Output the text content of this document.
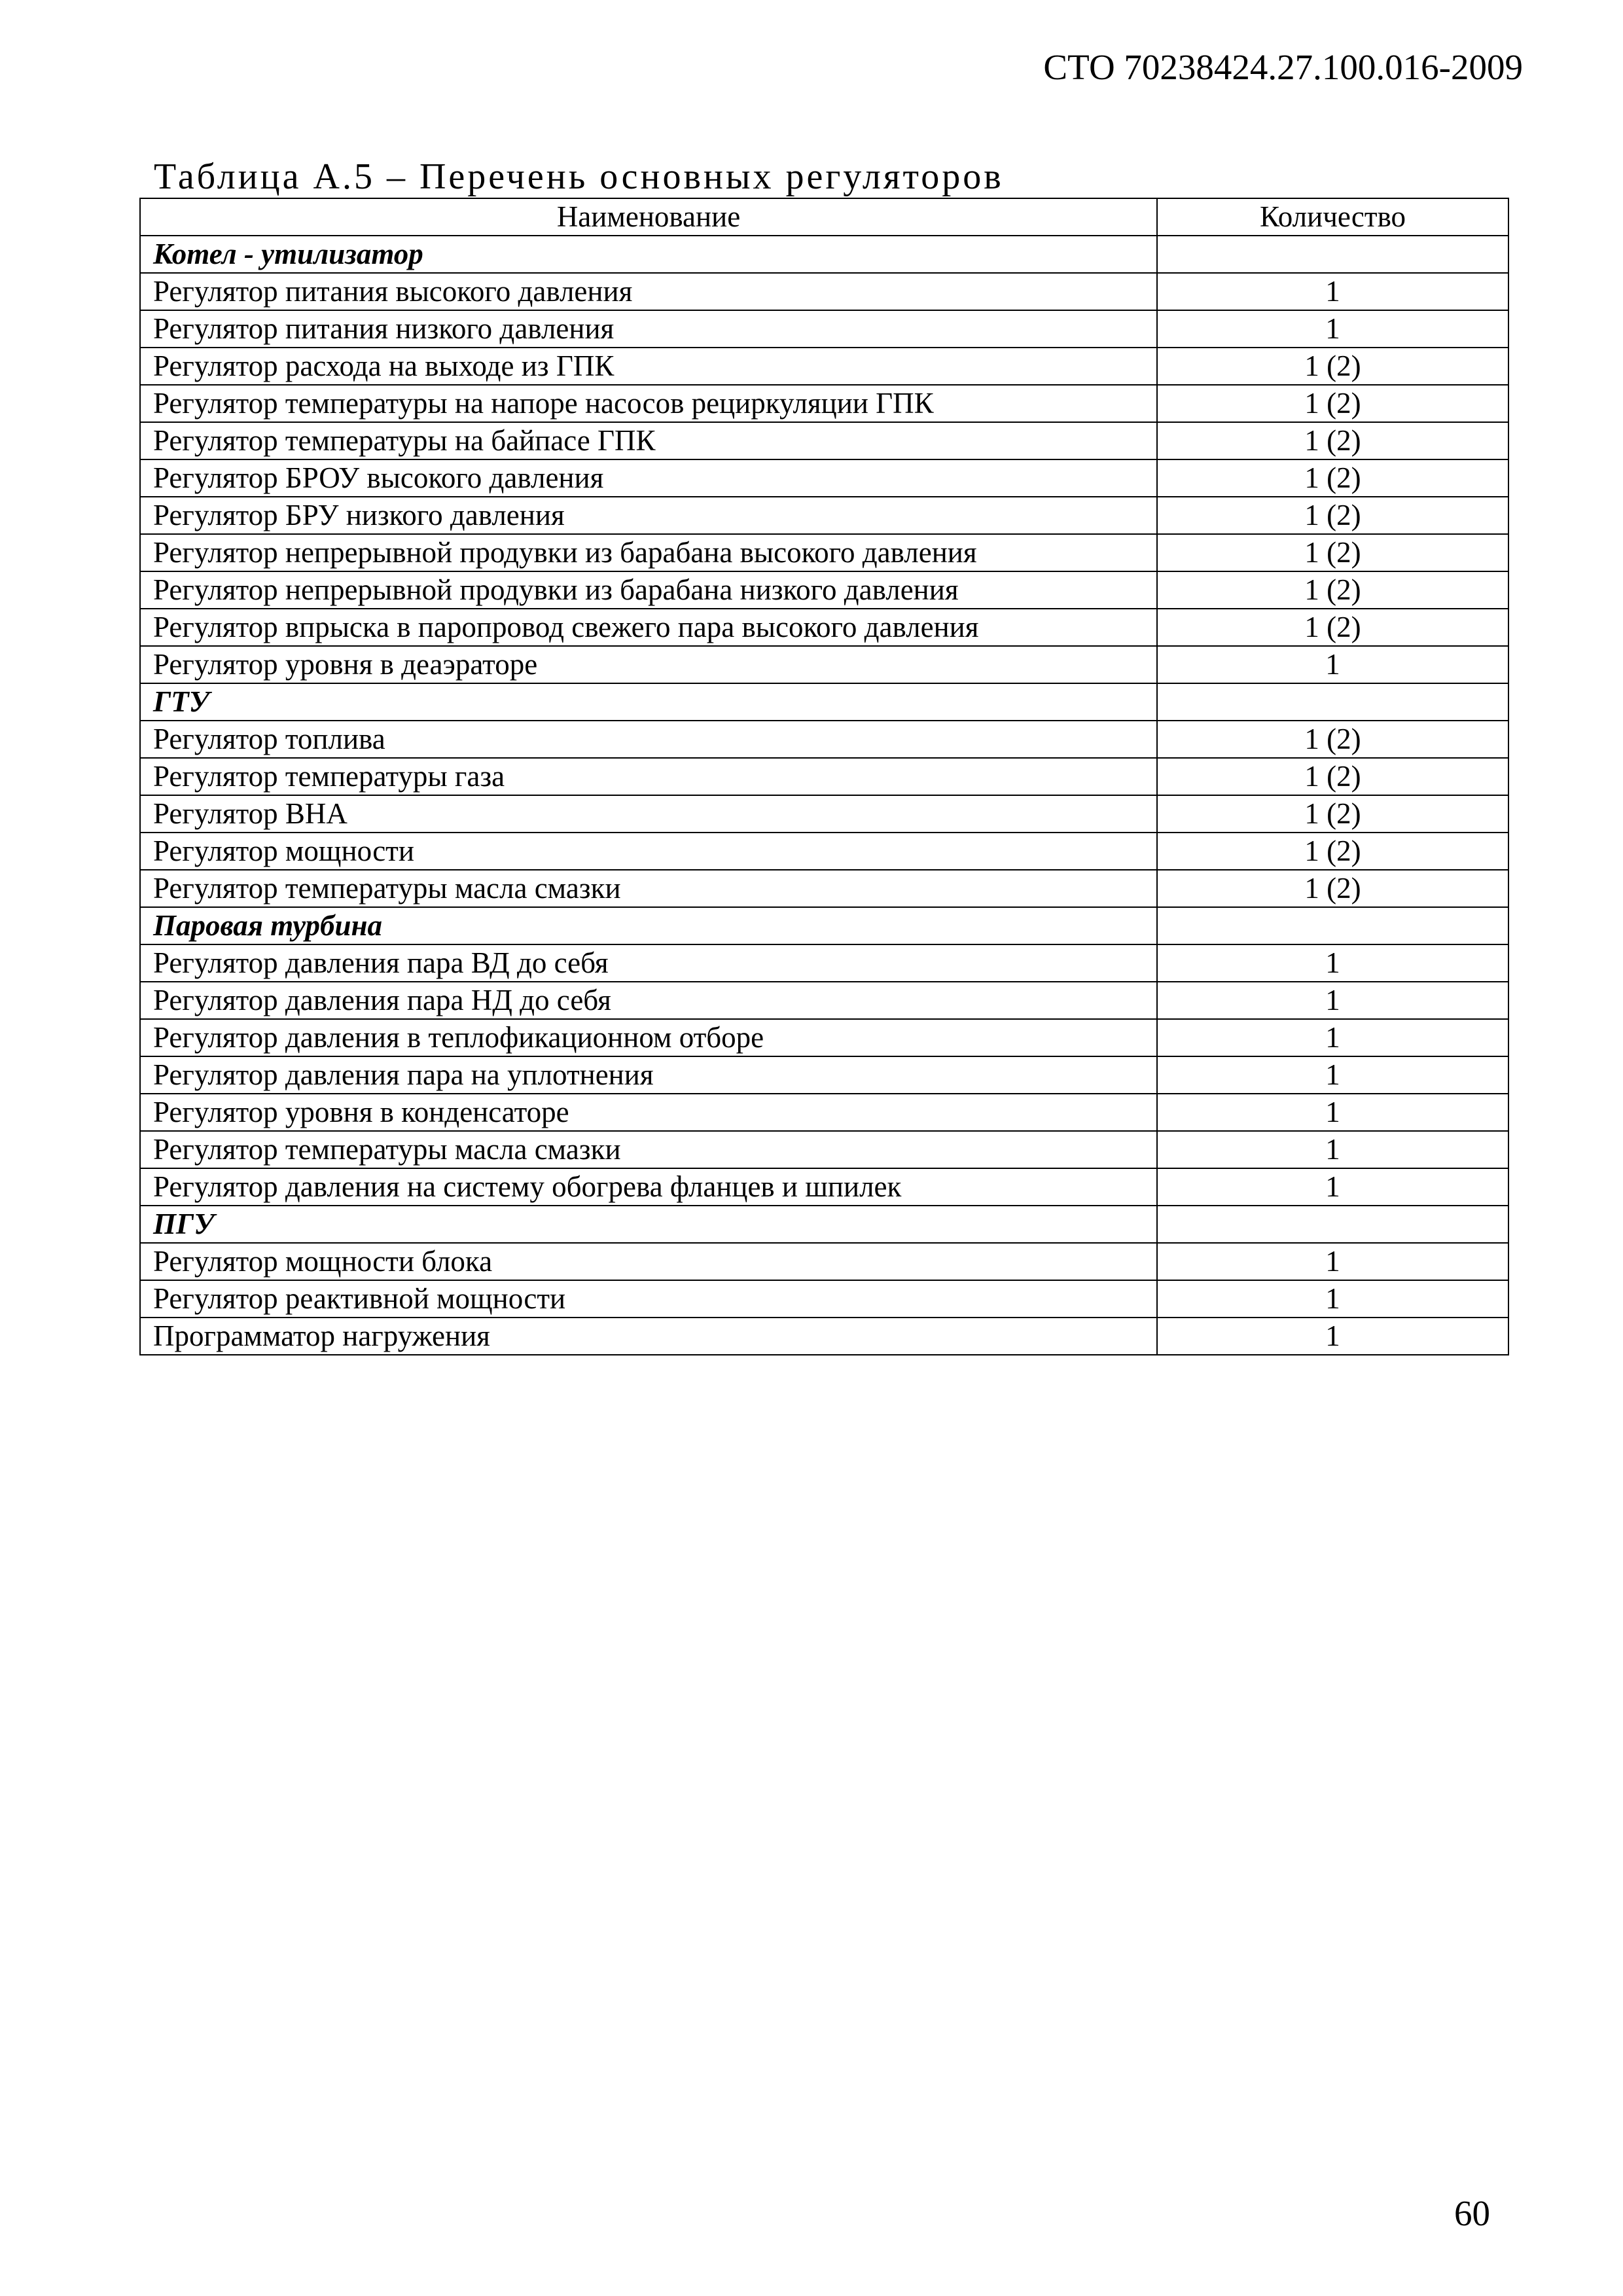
СТО 70238424.27.100.016-2009
Таблица А.5 – Перечень основных регуляторов
Наименование	Количество
Котел - утилизатор	
Регулятор питания высокого давления	1
Регулятор питания низкого давления	1
Регулятор расхода на выходе из ГПК	1 (2)
Регулятор температуры на напоре насосов рециркуляции ГПК	1 (2)
Регулятор температуры на байпасе ГПК	1 (2)
Регулятор БРОУ высокого давления	1 (2)
Регулятор БРУ низкого давления	1 (2)
Регулятор непрерывной продувки из барабана высокого давления	1 (2)
Регулятор непрерывной продувки из барабана низкого давления	1 (2)
Регулятор впрыска в паропровод свежего пара высокого давления	1 (2)
Регулятор уровня в деаэраторе	1
ГТУ	
Регулятор топлива	1 (2)
Регулятор температуры газа	1 (2)
Регулятор ВНА	1 (2)
Регулятор мощности	1 (2)
Регулятор температуры масла смазки	1 (2)
Паровая турбина	
Регулятор давления пара ВД до себя	1
Регулятор давления пара НД до себя	1
Регулятор давления в теплофикационном отборе	1
Регулятор давления пара на уплотнения	1
Регулятор уровня в конденсаторе	1
Регулятор температуры масла смазки	1
Регулятор давления на систему обогрева фланцев и шпилек	1
ПГУ	
Регулятор мощности блока	1
Регулятор реактивной мощности	1
Программатор нагружения	1
60
